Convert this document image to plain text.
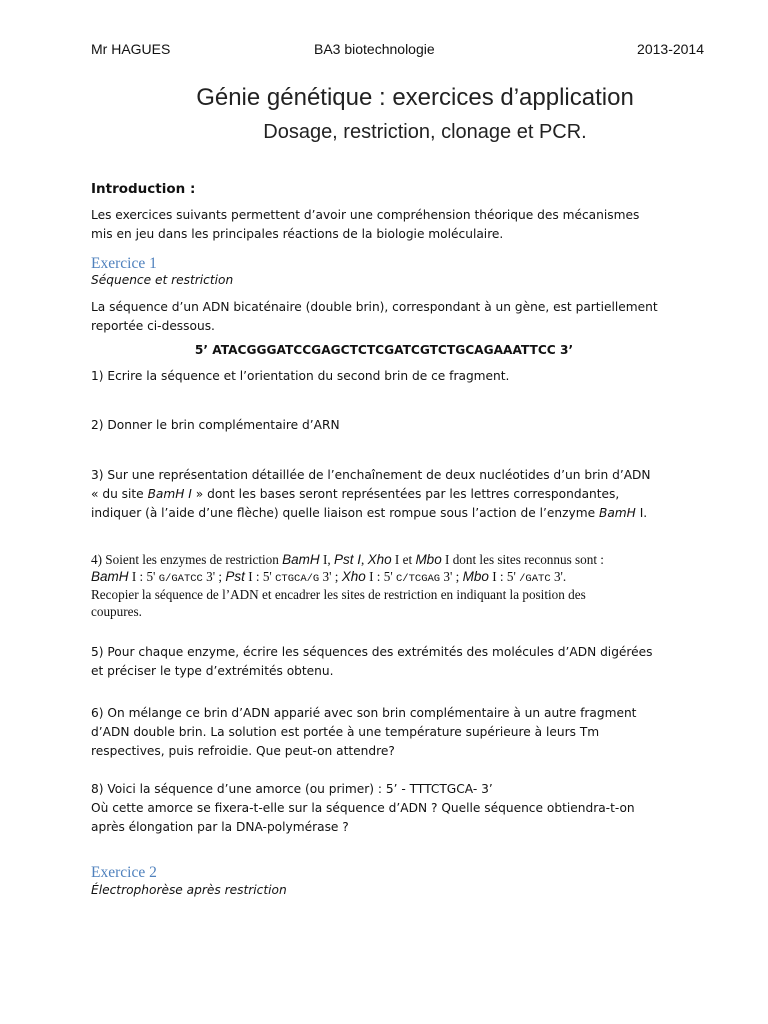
Mr HAGUES	BA3 biotechnologie	2013-2014
Génie génétique : exercices d’application
Dosage, restriction, clonage et PCR.
Introduction :
Les exercices suivants permettent d’avoir une compréhension théorique des mécanismes
mis en jeu dans les principales réactions de la biologie moléculaire.
Exercice 1
Séquence et restriction
La séquence d’un ADN bicaténaire (double brin), correspondant à un gène, est partiellement
reportée ci-dessous.
5’ ATACGGGATCCGAGCTCTCGATCGTCTGCAGAAATTCC 3’
1) Ecrire la séquence et l’orientation du second brin de ce fragment.
2) Donner le brin complémentaire d’ARN
3) Sur une représentation détaillée de l’enchaînement de deux nucléotides d’un brin d’ADN
« du site BamH I » dont les bases seront représentées par les lettres correspondantes,
indiquer (à l’aide d’une flèche) quelle liaison est rompue sous l’action de l’enzyme BamH I.
4) Soient les enzymes de restriction BamH I, Pst I, Xho I et Mbo I dont les sites reconnus sont :
BamH I : 5' G/GATCC 3' ; Pst I : 5' CTGCA/G 3' ; Xho I : 5' C/TCGAG 3' ; Mbo I : 5' /GATC 3'.
Recopier la séquence de l’ADN et encadrer les sites de restriction en indiquant la position des
coupures.
5) Pour chaque enzyme, écrire les séquences des extrémités des molécules d’ADN digérées
et préciser le type d’extrémités obtenu.
6) On mélange ce brin d’ADN apparié avec son brin complémentaire à un autre fragment
d’ADN double brin. La solution est portée à une température supérieure à leurs Tm
respectives, puis refroidie. Que peut-on attendre?
8) Voici la séquence d’une amorce (ou primer) : 5’ - TTTCTGCA- 3’
Où cette amorce se fixera-t-elle sur la séquence d’ADN ? Quelle séquence obtiendra-t-on
après élongation par la DNA-polymérase ?
Exercice 2
Électrophorèse après restriction
